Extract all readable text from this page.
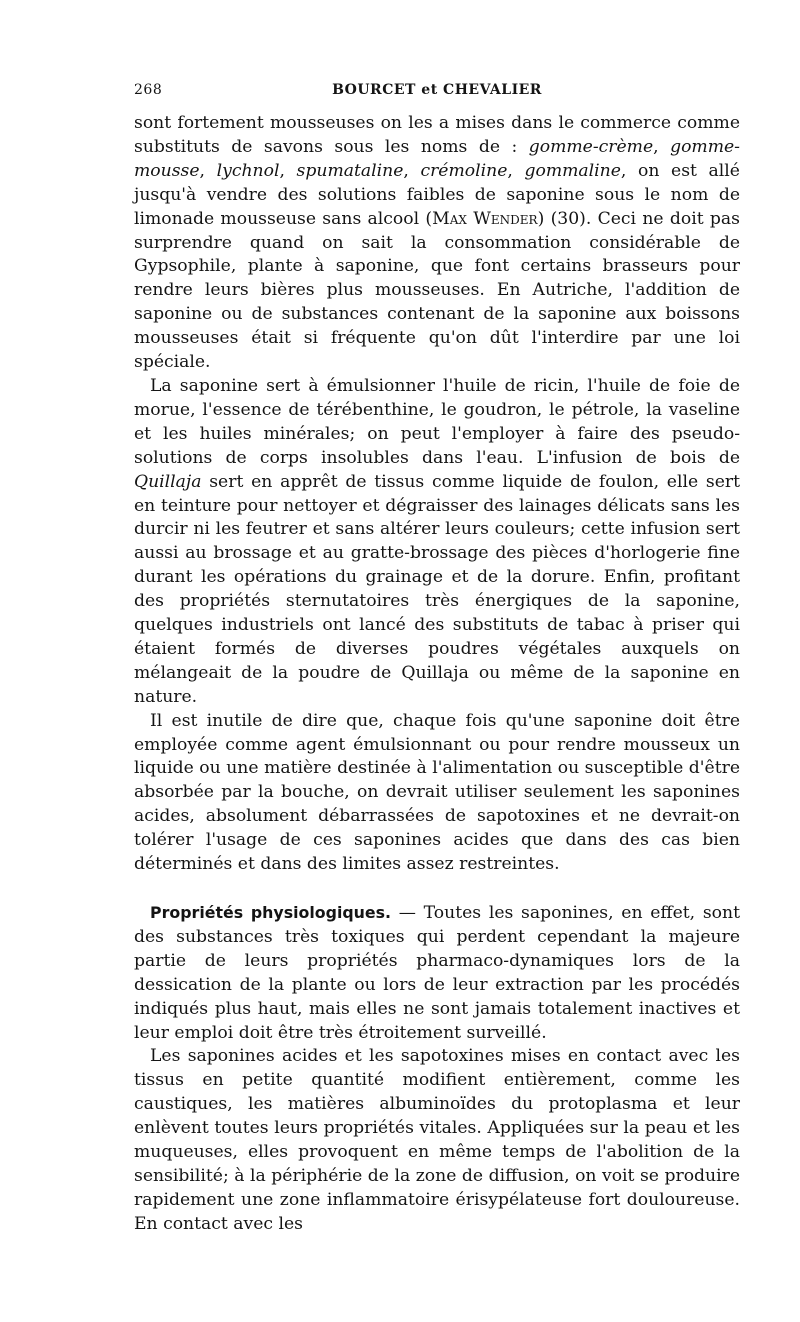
268	BOURCET et CHEVALIER

sont fortement mousseuses on les a mises dans le commerce comme substituts de savons sous les noms de : gomme-crème, gomme-mousse, lychnol, spumataline, crémoline, gommaline, on est allé jusqu'à vendre des solutions faibles de saponine sous le nom de limonade mousseuse sans alcool (Max Wender) (30). Ceci ne doit pas surprendre quand on sait la consommation considérable de Gypsophile, plante à saponine, que font certains brasseurs pour rendre leurs bières plus mousseuses. En Autriche, l'addition de saponine ou de substances contenant de la saponine aux boissons mousseuses était si fréquente qu'on dût l'interdire par une loi spéciale.

La saponine sert à émulsionner l'huile de ricin, l'huile de foie de morue, l'essence de térébenthine, le goudron, le pétrole, la vaseline et les huiles minérales; on peut l'employer à faire des pseudo-solutions de corps insolubles dans l'eau. L'infusion de bois de Quillaja sert en apprêt de tissus comme liquide de foulon, elle sert en teinture pour nettoyer et dégraisser des lainages délicats sans les durcir ni les feutrer et sans altérer leurs couleurs; cette infusion sert aussi au brossage et au gratte-brossage des pièces d'horlogerie fine durant les opérations du grainage et de la dorure. Enfin, profitant des propriétés sternutatoires très énergiques de la saponine, quelques industriels ont lancé des substituts de tabac à priser qui étaient formés de diverses poudres végétales auxquels on mélangeait de la poudre de Quillaja ou même de la saponine en nature.

Il est inutile de dire que, chaque fois qu'une saponine doit être employée comme agent émulsionnant ou pour rendre mousseux un liquide ou une matière destinée à l'alimentation ou susceptible d'être absorbée par la bouche, on devrait utiliser seulement les saponines acides, absolument débarrassées de sapotoxines et ne devrait-on tolérer l'usage de ces saponines acides que dans des cas bien déterminés et dans des limites assez restreintes.

Propriétés physiologiques. — Toutes les saponines, en effet, sont des substances très toxiques qui perdent cependant la majeure partie de leurs propriétés pharmaco-dynamiques lors de la dessication de la plante ou lors de leur extraction par les procédés indiqués plus haut, mais elles ne sont jamais totalement inactives et leur emploi doit être très étroitement surveillé.

Les saponines acides et les sapotoxines mises en contact avec les tissus en petite quantité modifient entièrement, comme les caustiques, les matières albuminoïdes du protoplasma et leur enlèvent toutes leurs propriétés vitales. Appliquées sur la peau et les muqueuses, elles provoquent en même temps de l'abolition de la sensibilité; à la périphérie de la zone de diffusion, on voit se produire rapidement une zone inflammatoire érisypélateuse fort douloureuse. En contact avec les
